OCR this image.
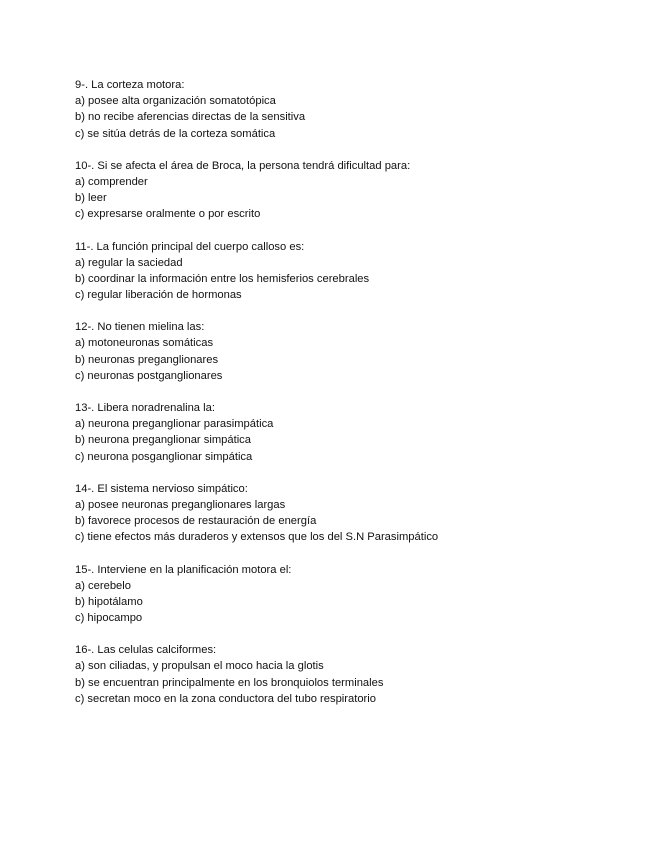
9-. La corteza motora:
a) posee alta organización somatotópica
b) no recibe aferencias directas de la sensitiva
c) se sitúa detrás de la corteza somática
10-. Si se afecta el área de Broca, la persona tendrá dificultad para:
a) comprender
b) leer
c) expresarse oralmente o por escrito
11-. La función principal del cuerpo calloso es:
a) regular la saciedad
b) coordinar la información entre los hemisferios cerebrales
c) regular liberación de hormonas
12-. No tienen mielina las:
a) motoneuronas somáticas
b) neuronas preganglionares
c) neuronas postganglionares
13-. Libera noradrenalina la:
a) neurona preganglionar parasimpática
b) neurona preganglionar simpática
c) neurona posganglionar simpática
14-. El sistema nervioso simpático:
a) posee neuronas preganglionares largas
b) favorece procesos de restauración de energía
c) tiene efectos más duraderos y extensos que los del S.N Parasimpático
15-. Interviene en la planificación motora el:
a) cerebelo
b) hipotálamo
c) hipocampo
16-. Las celulas calciformes:
a) son ciliadas, y propulsan el moco hacia la glotis
b) se encuentran principalmente en los bronquiolos terminales
c) secretan moco en la zona conductora del tubo respiratorio
